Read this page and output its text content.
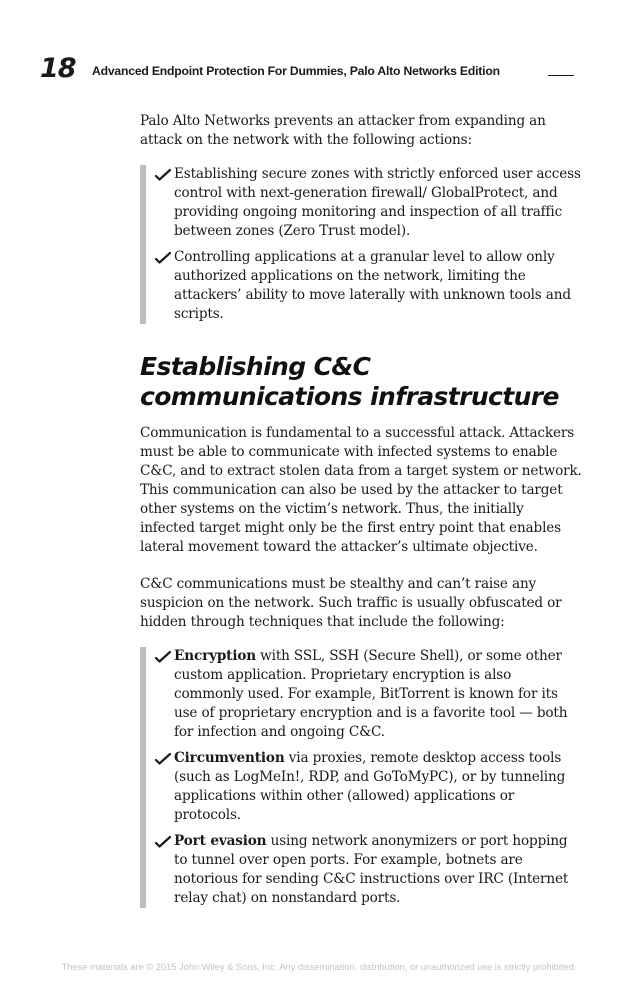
18 Advanced Endpoint Protection For Dummies, Palo Alto Networks Edition

Palo Alto Networks prevents an attacker from expanding an attack on the network with the following actions:

Establishing secure zones with strictly enforced user access control with next-generation firewall/ GlobalProtect, and providing ongoing monitoring and inspection of all traffic between zones (Zero Trust model).
Controlling applications at a granular level to allow only authorized applications on the network, limiting the attackers’ ability to move laterally with unknown tools and scripts.
Establishing C&C communications infrastructure

Communication is fundamental to a successful attack. Attackers must be able to communicate with infected systems to enable C&C, and to extract stolen data from a target system or network. This communication can also be used by the attacker to target other systems on the victim’s network. Thus, the initially infected target might only be the first entry point that enables lateral movement toward the attacker’s ultimate objective.

C&C communications must be stealthy and can’t raise any suspicion on the network. Such traffic is usually obfuscated or hidden through techniques that include the following:

Encryption with SSL, SSH (Secure Shell), or some other custom application. Proprietary encryption is also commonly used. For example, BitTorrent is known for its use of proprietary encryption and is a favorite tool — both for infection and ongoing C&C.
Circumvention via proxies, remote desktop access tools (such as LogMeIn!, RDP, and GoToMyPC), or by tunneling applications within other (allowed) applications or protocols.
Port evasion using network anonymizers or port hopping to tunnel over open ports. For example, botnets are notorious for sending C&C instructions over IRC (Internet relay chat) on nonstandard ports.
These materials are © 2015 John Wiley & Sons, Inc. Any dissemination, distribution, or unauthorized use is strictly prohibited.
